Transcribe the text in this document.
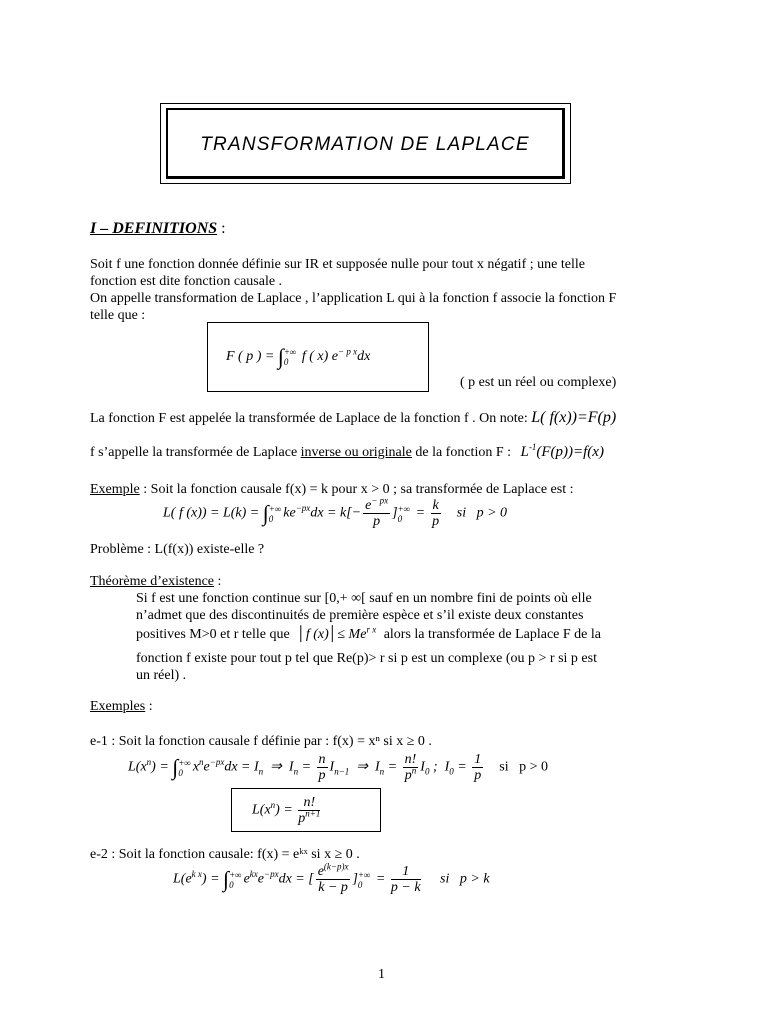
TRANSFORMATION DE LAPLACE
I – DEFINITIONS :
Soit f une fonction donnée définie sur IR et supposée nulle pour tout x négatif ; une telle
fonction est dite fonction causale .
On appelle transformation de Laplace , l’application L qui à la fonction f associe la fonction F
telle que :
F ( p ) = ∫ +∞
0 f ( x) $e^{- p x}dx$
( p est un réel ou complexe)
La fonction F est appelée la transformée de Laplace de la fonction f . On note: L( f(x))=F(p)
f s’appelle la transformée de Laplace inverse ou originale de la fonction F : $L^{-1}(F(p))=f(x)$
Exemple : Soit la fonction causale f(x) = k pour x > 0 ; sa transformée de Laplace est :
L( f (x)) = L(k) = ∫ +∞
0 $ke^{-px}dx = k[- \frac{e^{- px}}{p}$ ] +∞
$0 = \frac{k}{p}$ si   p > 0
Problème : L(f(x)) existe-elle ?
Théorème d’existence :
Si f est une fonction continue sur [0,+ ∞[ sauf en un nombre fini de points où elle
n’admet que des discontinuités de première espèce et s’il existe deux constantes
positives M>0 et r telle que │f (x)│≤ $Me^{r x}$ alors la transformée de Laplace F de la
fonction f existe pour tout p tel que Re(p)> r si p est un complexe (ou p > r si p est
un réel) .
Exemples :
e-1 : Soit la fonction causale f définie par : f(x) = xⁿ si x ≥ 0 .
$L(x^n)$ = ∫ +∞
0 $x^ne^{-px}dx = I_n$  ⇒  $I_n = \frac{n}{p} I_{n-1}$  ⇒  $I_n = \frac{n!}{p^n} I_0$ ;  $I_0 = \frac{1}{p}$ si   p > 0
$L(x^n) = \frac{n!}{p^{n+1}}$
e-2 : Soit la fonction causale: f(x) = eᵏˣ si x ≥ 0 .
$L(e^{k x})$ = ∫ +∞
0 $e^{kx}e^{-px}dx$ = [ $\frac{e^{(k-p)x}}{k - p}$ ] +∞
$0 = \frac{1}{p - k}$ si   p > k
1
